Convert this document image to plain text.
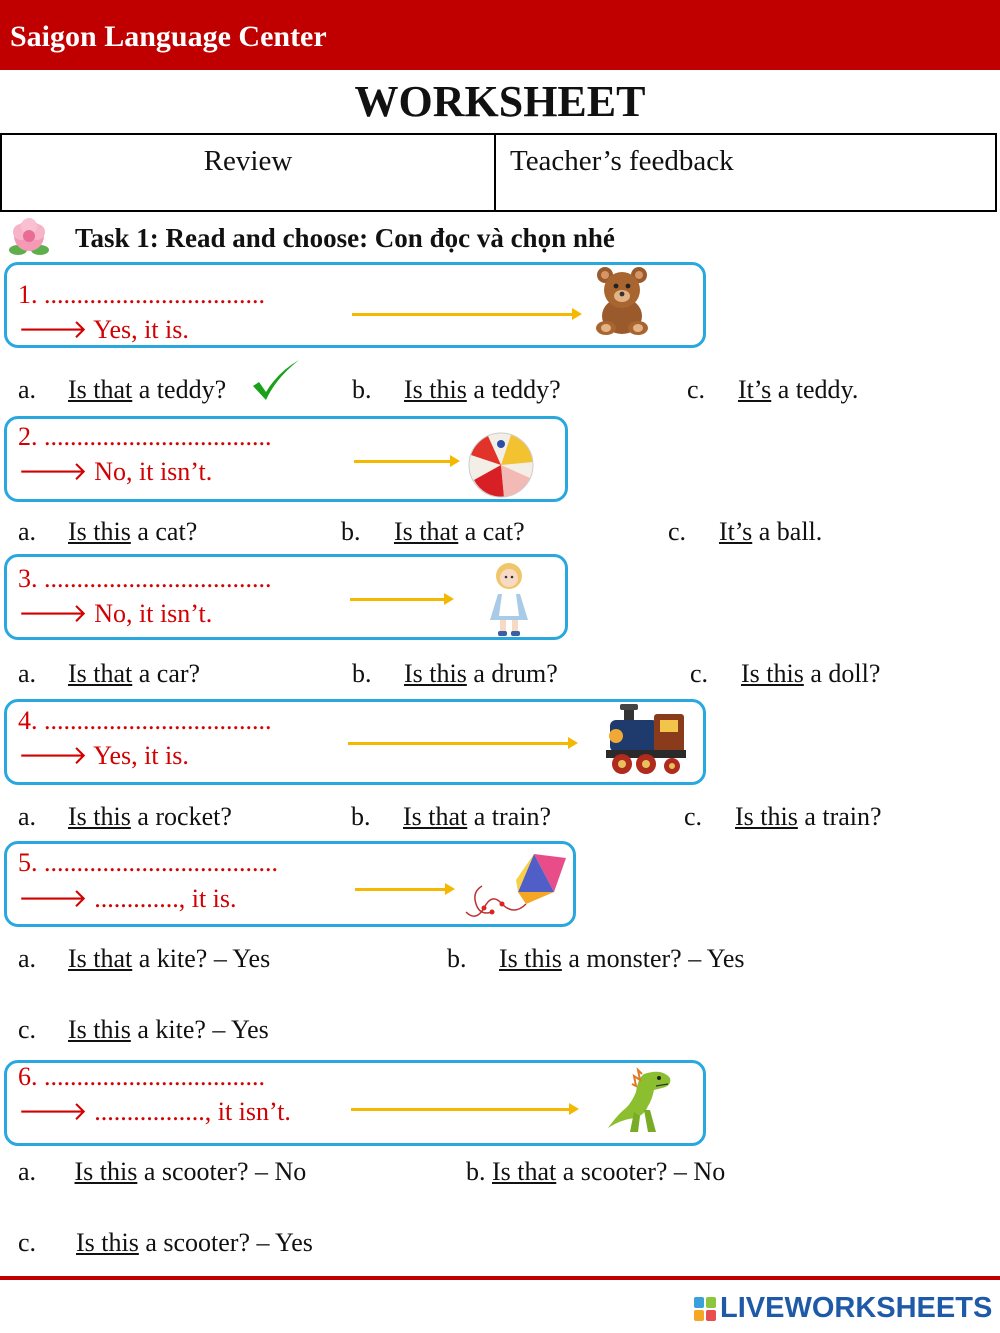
Saigon Language Center
WORKSHEET
Review	Teacher’s feedback
Task 1: Read and choose: Con đọc và chọn nhé
1. ..................................
🡒 Yes, it is.
a. Is that a teddy?	b. Is this a teddy?	c. It’s a teddy.
2. ...................................
🡒 No, it isn’t.
a. Is this a cat?	b. Is that a cat?	c. It’s a ball.
3. ...................................
🡒 No, it isn’t.
a. Is that a car?	b. Is this a drum?	c. Is this a doll?
4. ...................................
🡒 Yes, it is.
a. Is this a rocket?	b. Is that a train?	c. Is this a train?
5. ....................................
🡒 ............., it is.
a. Is that a kite? – Yes	b. Is this a monster? – Yes
c. Is this a kite? – Yes
6. ..................................
🡒 ................., it isn’t.
a. Is this a scooter? – No	b. Is that a scooter? – No
c. Is this a scooter? – Yes
LIVEWORKSHEETS
